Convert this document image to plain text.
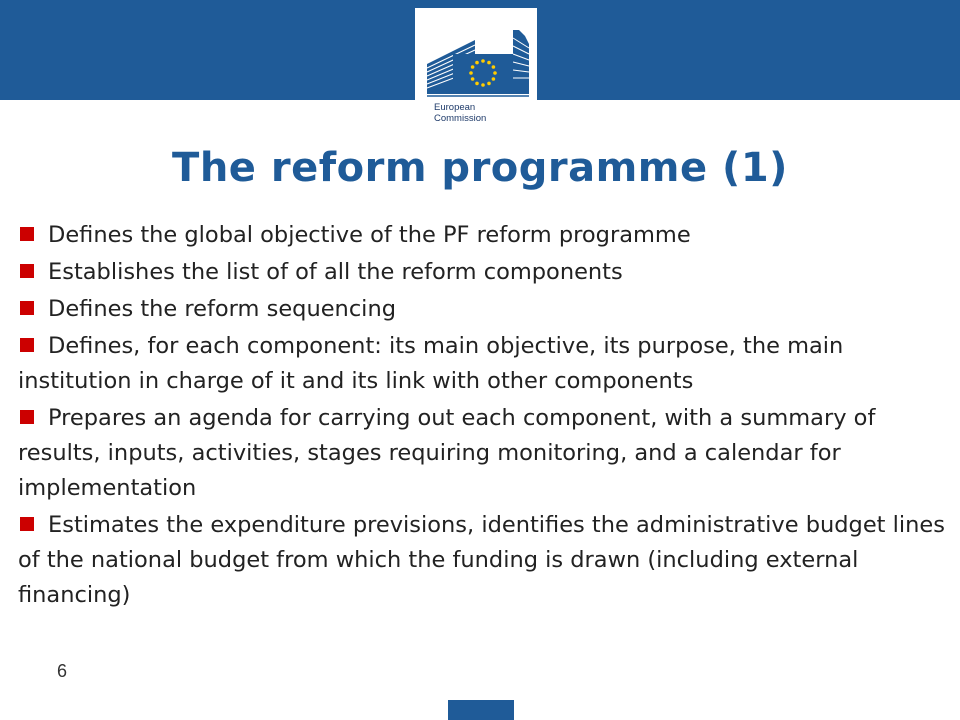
European
Commission
The reform programme (1)
Defines the global objective of the PF reform programme
Establishes the list of of all the reform components
Defines the reform sequencing
Defines, for each component: its main objective, its purpose, the main institution in charge of it and its link with other components
Prepares an agenda for carrying out each component, with a summary of results, inputs, activities, stages requiring monitoring, and a calendar for implementation
Estimates the expenditure previsions, identifies the administrative budget lines of the national budget from which the funding is drawn (including external financing)
6
